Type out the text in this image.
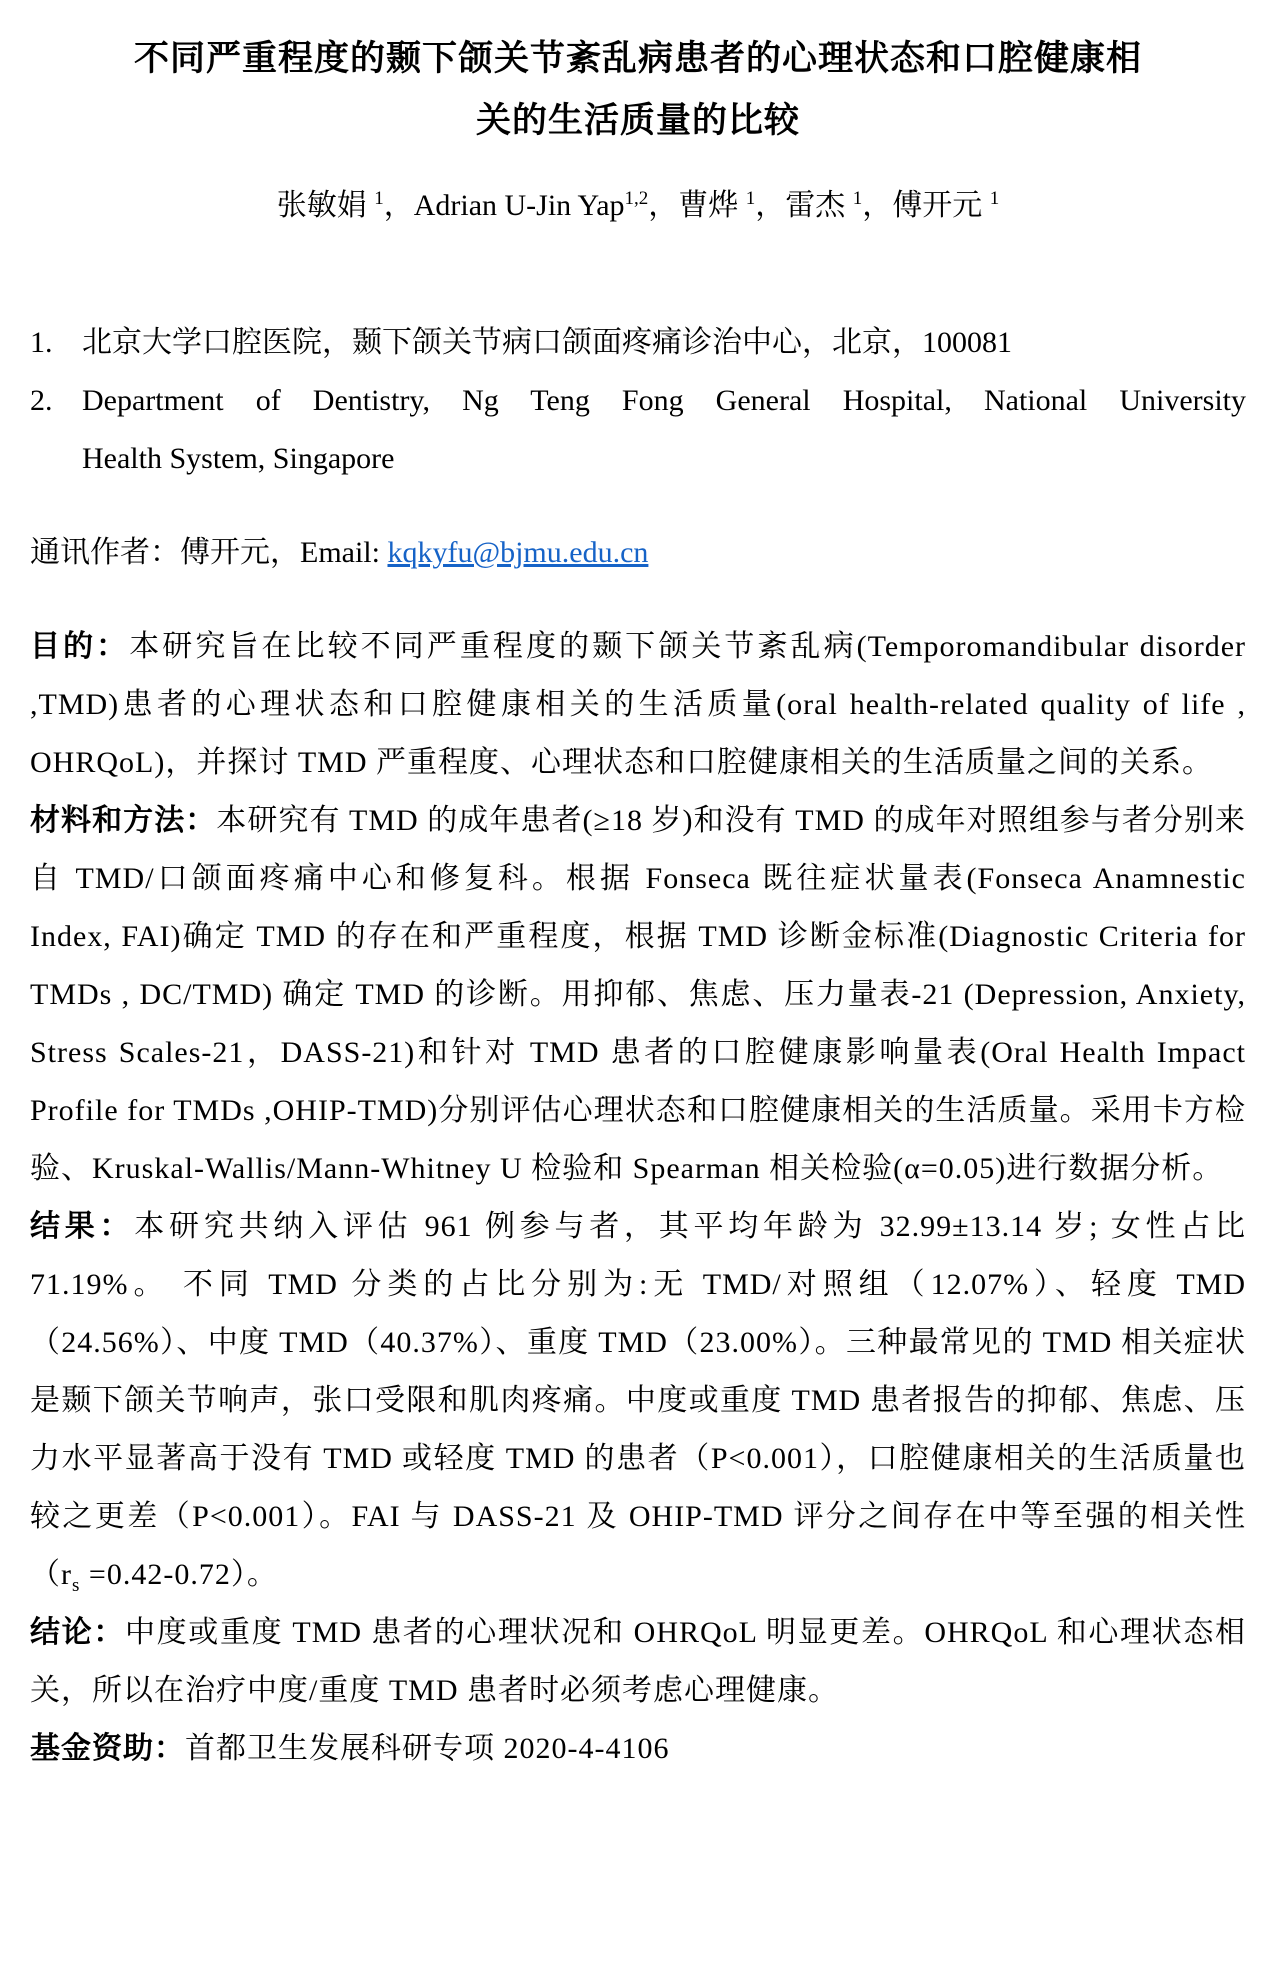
不同严重程度的颞下颌关节紊乱病患者的心理状态和口腔健康相
关的生活质量的比较

张敏娟 $^1$，Adrian U-Jin Yap$^{1,2}$，曹烨 $^1$，雷杰 $^1$，傅开元 $^1$

1. 北京大学口腔医院，颞下颌关节病口颌面疼痛诊治中心，北京，100081
2. Department of Dentistry, Ng Teng Fong General Hospital, National University
Health System, Singapore

通讯作者：傅开元，Email: kqkyfu@bjmu.edu.cn

目的：本研究旨在比较不同严重程度的颞下颌关节紊乱病(Temporomandibular disorder ,TMD)患者的心理状态和口腔健康相关的生活质量(oral health-related quality of life , OHRQoL)，并探讨 TMD 严重程度、心理状态和口腔健康相关的生活质量之间的关系。

材料和方法：本研究有 TMD 的成年患者(≥18 岁)和没有 TMD 的成年对照组参与者分别来自 TMD/口颌面疼痛中心和修复科。根据 Fonseca 既往症状量表(Fonseca Anamnestic Index, FAI)确定 TMD 的存在和严重程度，根据 TMD 诊断金标准(Diagnostic Criteria for TMDs , DC/TMD) 确定 TMD 的诊断。用抑郁、焦虑、压力量表-21 (Depression, Anxiety, Stress Scales-21，DASS-21)和针对 TMD 患者的口腔健康影响量表(Oral Health Impact Profile for TMDs ,OHIP-TMD)分别评估心理状态和口腔健康相关的生活质量。采用卡方检验、Kruskal-Wallis/Mann-Whitney U 检验和 Spearman 相关检验(α=0.05)进行数据分析。

结果：本研究共纳入评估 961 例参与者，其平均年龄为 32.99±13.14 岁; 女性占比 71.19%。 不同 TMD 分类的占比分别为:无 TMD/对照组（12.07%）、轻度 TMD（24.56%）、中度 TMD（40.37%）、重度 TMD（23.00%）。三种最常见的 TMD 相关症状是颞下颌关节响声，张口受限和肌肉疼痛。中度或重度 TMD 患者报告的抑郁、焦虑、压力水平显著高于没有 TMD 或轻度 TMD 的患者（P<0.001），口腔健康相关的生活质量也较之更差（P<0.001）。FAI 与 DASS-21 及 OHIP-TMD 评分之间存在中等至强的相关性$(r_s =0.42-0.72)$。

结论：中度或重度 TMD 患者的心理状况和 OHRQoL 明显更差。OHRQoL 和心理状态相关，所以在治疗中度/重度 TMD 患者时必须考虑心理健康。

基金资助：首都卫生发展科研专项 2020-4-4106
